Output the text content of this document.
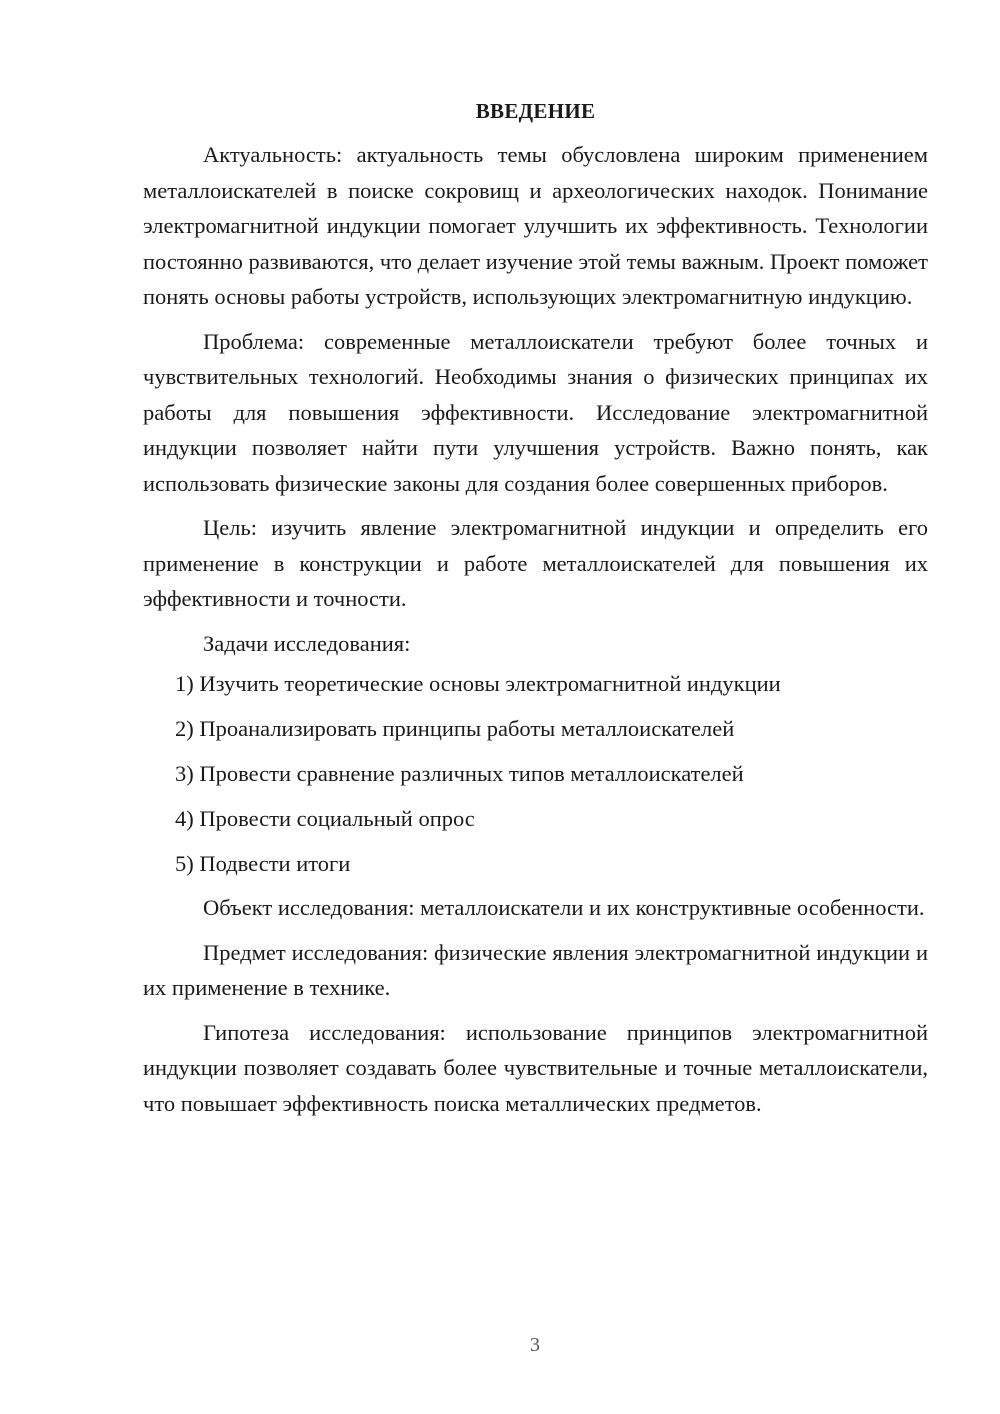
ВВЕДЕНИЕ

Актуальность: актуальность темы обусловлена широким применением металлоискателей в поиске сокровищ и археологических находок. Понимание электромагнитной индукции помогает улучшить их эффективность. Технологии постоянно развиваются, что делает изучение этой темы важным. Проект поможет понять основы работы устройств, использующих электромагнитную индукцию.

Проблема: современные металлоискатели требуют более точных и чувствительных технологий. Необходимы знания о физических принципах их работы для повышения эффективности. Исследование электромагнитной индукции позволяет найти пути улучшения устройств. Важно понять, как использовать физические законы для создания более совершенных приборов.

Цель: изучить явление электромагнитной индукции и определить его применение в конструкции и работе металлоискателей для повышения их эффективности и точности.

Задачи исследования:

1) Изучить теоретические основы электромагнитной индукции

2) Проанализировать принципы работы металлоискателей

3) Провести сравнение различных типов металлоискателей

4) Провести социальный опрос

5) Подвести итоги

Объект исследования: металлоискатели и их конструктивные особенности.

Предмет исследования: физические явления электромагнитной индукции и их применение в технике.

Гипотеза исследования: использование принципов электромагнитной индукции позволяет создавать более чувствительные и точные металлоискатели, что повышает эффективность поиска металлических предметов.

3
